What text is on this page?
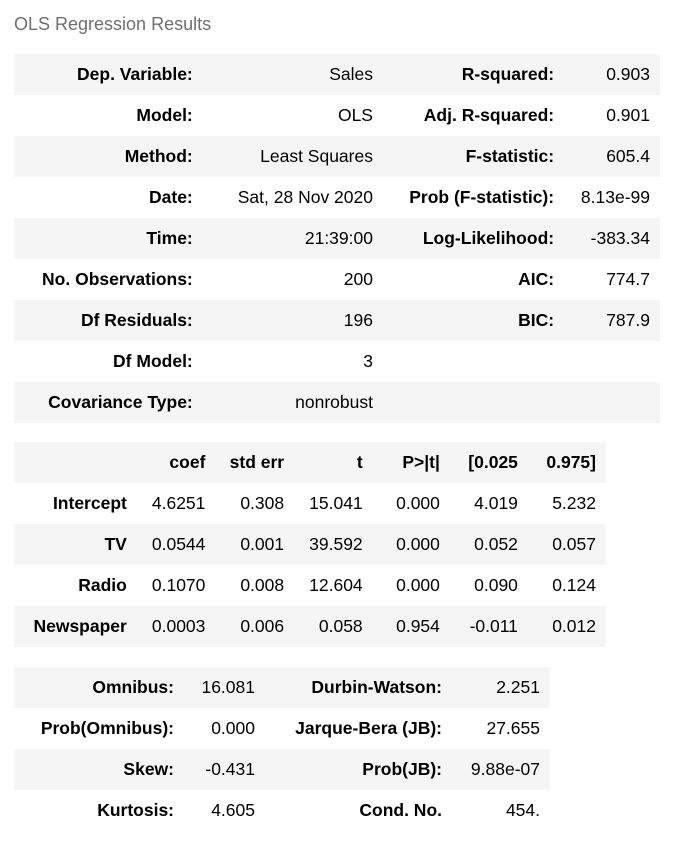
OLS Regression Results
Dep. Variable:	Sales	R-squared:	0.903
Model:	OLS	Adj. R-squared:	0.901
Method:	Least Squares	F-statistic:	605.4
Date:	Sat, 28 Nov 2020	Prob (F-statistic):	8.13e-99
Time:	21:39:00	Log-Likelihood:	-383.34
No. Observations:	200	AIC:	774.7
Df Residuals:	196	BIC:	787.9
Df Model:	3		
Covariance Type:	nonrobust		
	coef	std err	t	P>|t|	[0.025	0.975]
Intercept	4.6251	0.308	15.041	0.000	4.019	5.232
TV	0.0544	0.001	39.592	0.000	0.052	0.057
Radio	0.1070	0.008	12.604	0.000	0.090	0.124
Newspaper	0.0003	0.006	0.058	0.954	-0.011	0.012
Omnibus:	16.081	Durbin-Watson:	2.251
Prob(Omnibus):	0.000	Jarque-Bera (JB):	27.655
Skew:	-0.431	Prob(JB):	9.88e-07
Kurtosis:	4.605	Cond. No.	454.
